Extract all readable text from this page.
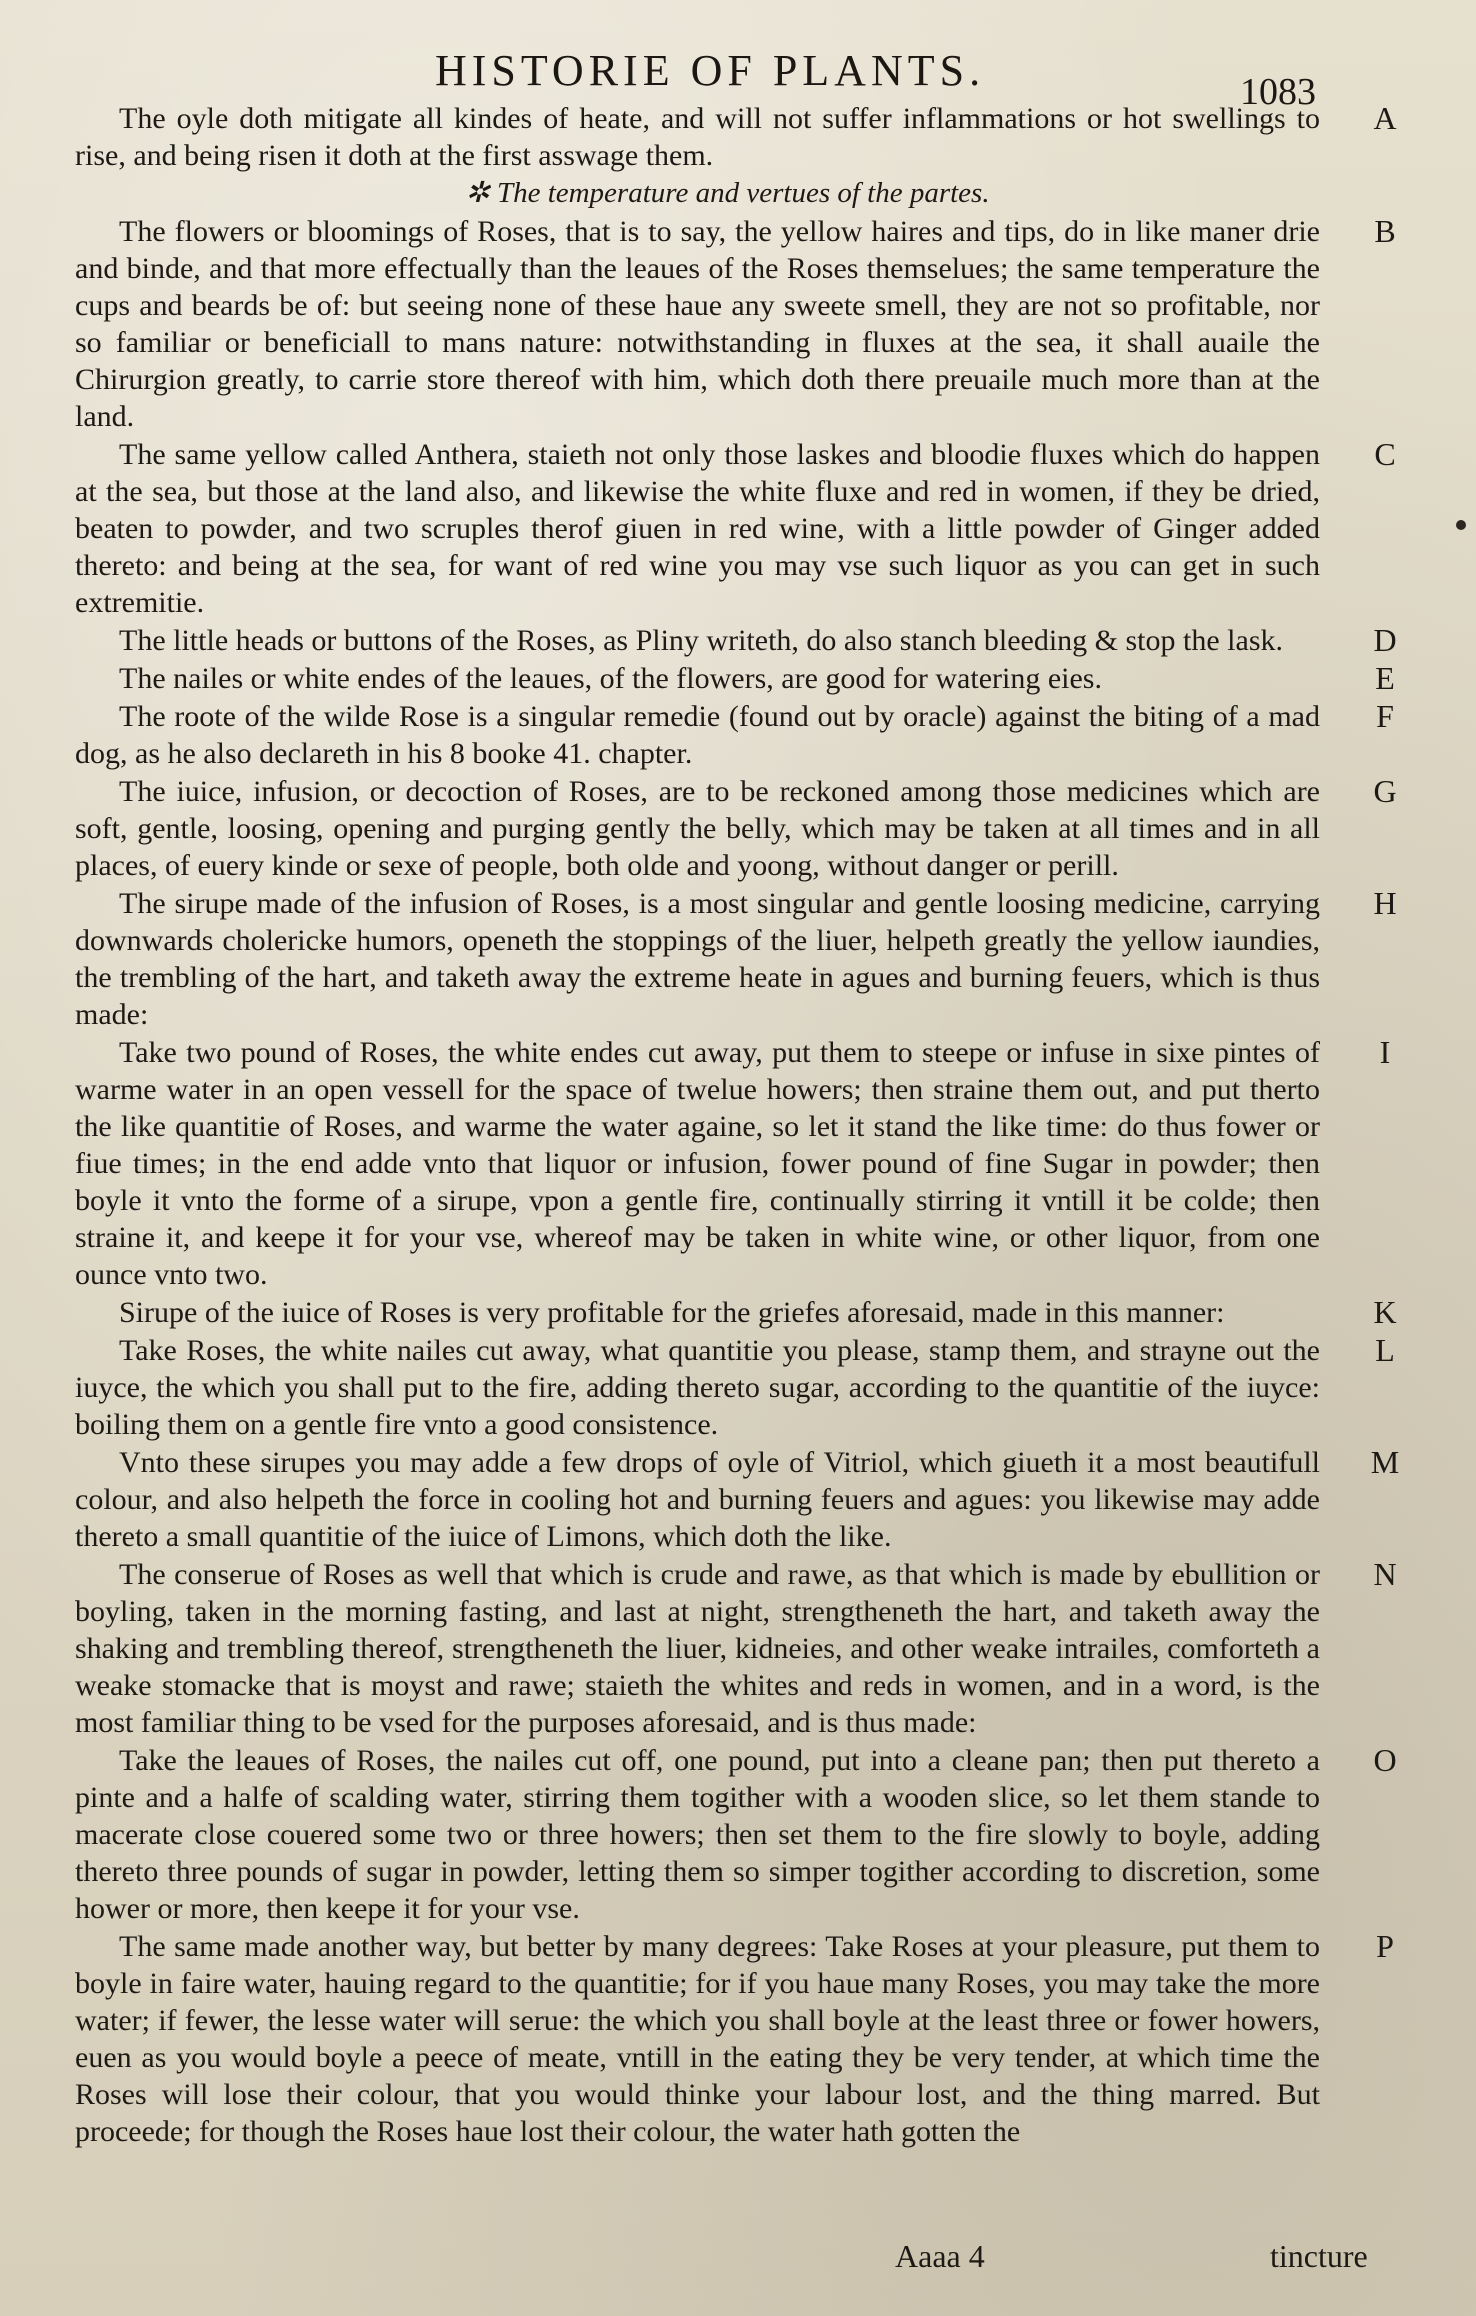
HISTORIE OF PLANTS.	1083

The oyle doth mitigate all kindes of heate, and will not suffer inflammations or hot swellings to rise, and being risen it doth at the first asswage them.
A

✲ The temperature and vertues of the partes.

The flowers or bloomings of Roses, that is to say, the yellow haires and tips, do in like maner drie and binde, and that more effectually than the leaues of the Roses themselues; the same temperature the cups and beards be of: but seeing none of these haue any sweete smell, they are not so profitable, nor so familiar or beneficiall to mans nature: notwithstanding in fluxes at the sea, it shall auaile the Chirurgion greatly, to carrie store thereof with him, which doth there preuaile much more than at the land.
B

The same yellow called Anthera, staieth not only those laskes and bloodie fluxes which do happen at the sea, but those at the land also, and likewise the white fluxe and red in women, if they be dried, beaten to powder, and two scruples therof giuen in red wine, with a little powder of Ginger added thereto: and being at the sea, for want of red wine you may vse such liquor as you can get in such extremitie.
C

The little heads or buttons of the Roses, as Pliny writeth, do also stanch bleeding & stop the lask.	D

The nailes or white endes of the leaues, of the flowers, are good for watering eies.	E

The roote of the wilde Rose is a singular remedie (found out by oracle) against the biting of a mad dog, as he also declareth in his 8 booke 41. chapter.
F

The iuice, infusion, or decoction of Roses, are to be reckoned among those medicines which are soft, gentle, loosing, opening and purging gently the belly, which may be taken at all times and in all places, of euery kinde or sexe of people, both olde and yoong, without danger or perill.
G

The sirupe made of the infusion of Roses, is a most singular and gentle loosing medicine, carrying downwards cholericke humors, openeth the stoppings of the liuer, helpeth greatly the yellow iaundies, the trembling of the hart, and taketh away the extreme heate in agues and burning feuers, which is thus made:
H

Take two pound of Roses, the white endes cut away, put them to steepe or infuse in sixe pintes of warme water in an open vessell for the space of twelue howers; then straine them out, and put therto the like quantitie of Roses, and warme the water againe, so let it stand the like time: do thus fower or fiue times; in the end adde vnto that liquor or infusion, fower pound of fine Sugar in powder; then boyle it vnto the forme of a sirupe, vpon a gentle fire, continually stirring it vntill it be colde; then straine it, and keepe it for your vse, whereof may be taken in white wine, or other liquor, from one ounce vnto two.
I

Sirupe of the iuice of Roses is very profitable for the griefes aforesaid, made in this manner:	K

Take Roses, the white nailes cut away, what quantitie you please, stamp them, and strayne out the iuyce, the which you shall put to the fire, adding thereto sugar, according to the quantitie of the iuyce: boiling them on a gentle fire vnto a good consistence.
L

Vnto these sirupes you may adde a few drops of oyle of Vitriol, which giueth it a most beautifull colour, and also helpeth the force in cooling hot and burning feuers and agues: you likewise may adde thereto a small quantitie of the iuice of Limons, which doth the like.
M

The conserue of Roses as well that which is crude and rawe, as that which is made by ebullition or boyling, taken in the morning fasting, and last at night, strengtheneth the hart, and taketh away the shaking and trembling thereof, strengtheneth the liuer, kidneies, and other weake intrailes, comforteth a weake stomacke that is moyst and rawe; staieth the whites and reds in women, and in a word, is the most familiar thing to be vsed for the purposes aforesaid, and is thus made:
N

Take the leaues of Roses, the nailes cut off, one pound, put into a cleane pan; then put thereto a pinte and a halfe of scalding water, stirring them togither with a wooden slice, so let them stande to macerate close couered some two or three howers; then set them to the fire slowly to boyle, adding thereto three pounds of sugar in powder, letting them so simper togither according to discretion, some hower or more, then keepe it for your vse.
O

The same made another way, but better by many degrees: Take Roses at your pleasure, put them to boyle in faire water, hauing regard to the quantitie; for if you haue many Roses, you may take the more water; if fewer, the lesse water will serue: the which you shall boyle at the least three or fower howers, euen as you would boyle a peece of meate, vntill in the eating they be very tender, at which time the Roses will lose their colour, that you would thinke your labour lost, and the thing marred. But proceede; for though the Roses haue lost their colour, the water hath gotten the
P

Aaaa 4	tincture
